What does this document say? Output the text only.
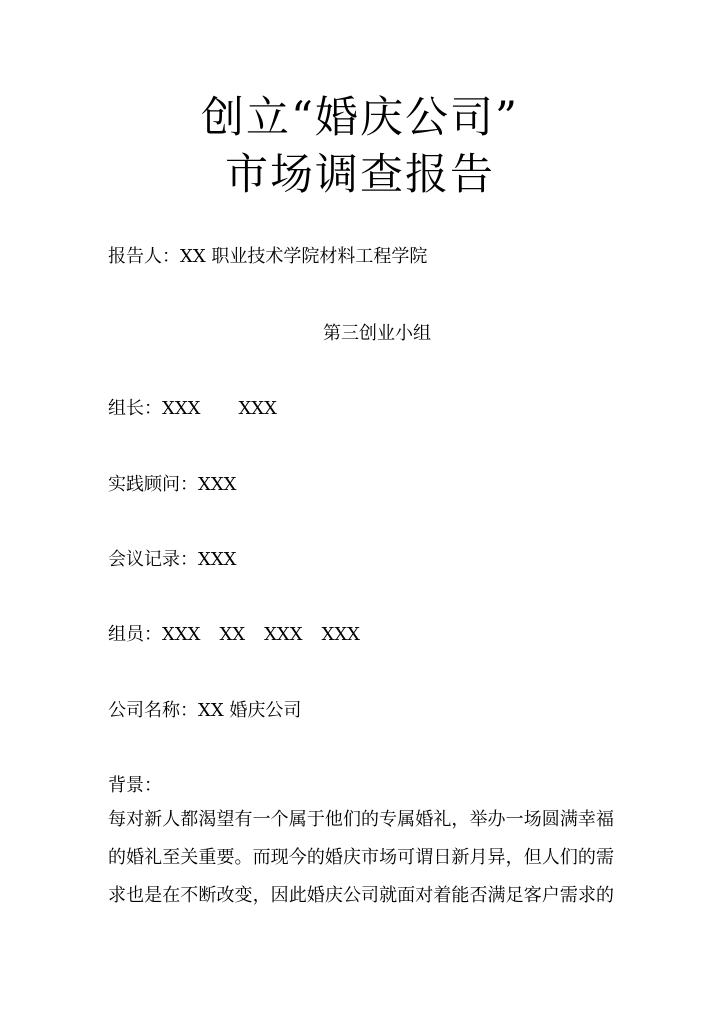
创立“婚庆公司”
市场调查报告
报告人：XX 职业技术学院材料工程学院
第三创业小组
组长：XXX XXX
实践顾问：XXX
会议记录：XXX
组员：XXX XX XXX XXX
公司名称：XX 婚庆公司
背景：
每对新人都渴望有一个属于他们的专属婚礼，举办一场圆满幸福
的婚礼至关重要。而现今的婚庆市场可谓日新月异，但人们的需
求也是在不断改变，因此婚庆公司就面对着能否满足客户需求的
